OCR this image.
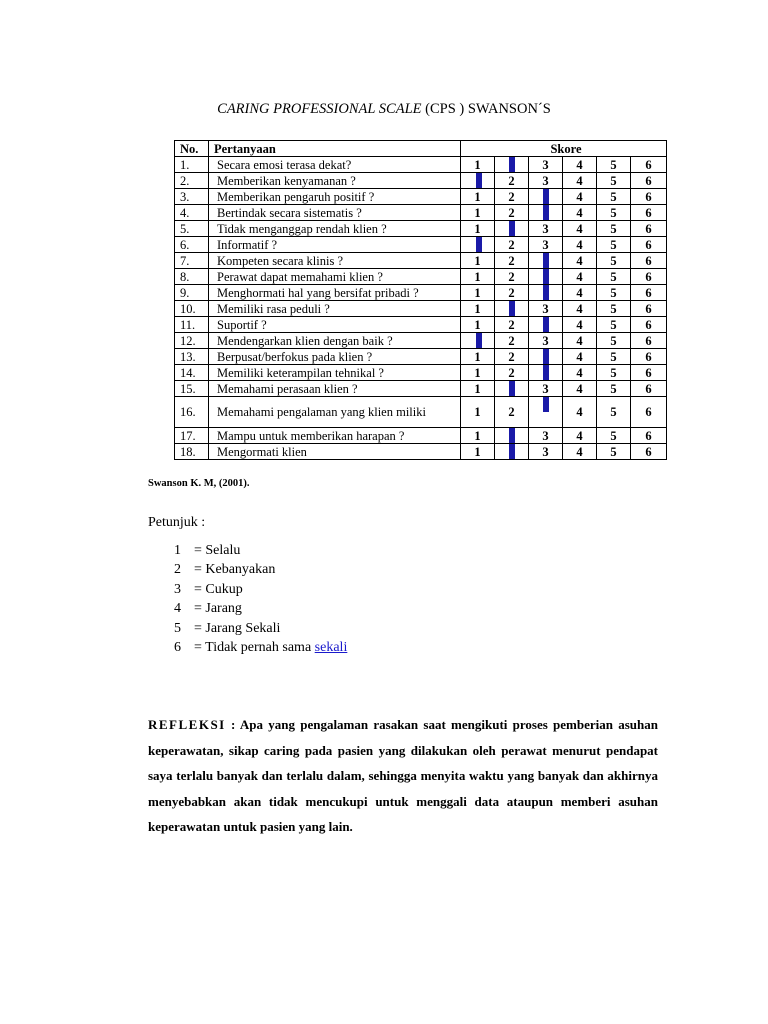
CARING PROFESSIONAL SCALE (CPS ) SWANSON´S
No.	Pertanyaan	Skore					
1.	Secara emosi terasa dekat?	1		3	4	5	6
2.	Memberikan kenyamanan ?		2	3	4	5	6
3.	Memberikan pengaruh positif ?	1	2		4	5	6
4.	Bertindak secara sistematis ?	1	2		4	5	6
5.	Tidak menganggap rendah klien ?	1		3	4	5	6
6.	Informatif ?		2	3	4	5	6
7.	Kompeten secara klinis ?	1	2		4	5	6
8.	Perawat dapat memahami klien ?	1	2		4	5	6
9.	Menghormati hal yang bersifat pribadi ?	1	2		4	5	6
10.	Memiliki rasa peduli ?	1		3	4	5	6
11.	Suportif ?	1	2		4	5	6
12.	Mendengarkan klien dengan baik ?		2	3	4	5	6
13.	Berpusat/berfokus pada klien ?	1	2		4	5	6
14.	Memiliki keterampilan tehnikal ?	1	2		4	5	6
15.	Memahami perasaan klien ?	1		3	4	5	6
16.	Memahami pengalaman yang klien miliki	1	2		4	5	6
17.	Mampu untuk memberikan harapan ?	1		3	4	5	6
18.	Mengormati klien	1		3	4	5	6
Swanson K. M, (2001).
Petunjuk :
1 = Selalu
2 = Kebanyakan
3 = Cukup
4 = Jarang
5 = Jarang Sekali
6 = Tidak pernah sama sekali
REFLEKSI : Apa yang pengalaman rasakan saat mengikuti proses pemberian asuhan keperawatan, sikap caring pada pasien yang dilakukan oleh perawat menurut pendapat saya terlalu banyak dan terlalu dalam, sehingga menyita waktu yang banyak dan akhirnya menyebabkan akan tidak mencukupi untuk menggali data ataupun memberi asuhan keperawatan untuk pasien yang lain.
